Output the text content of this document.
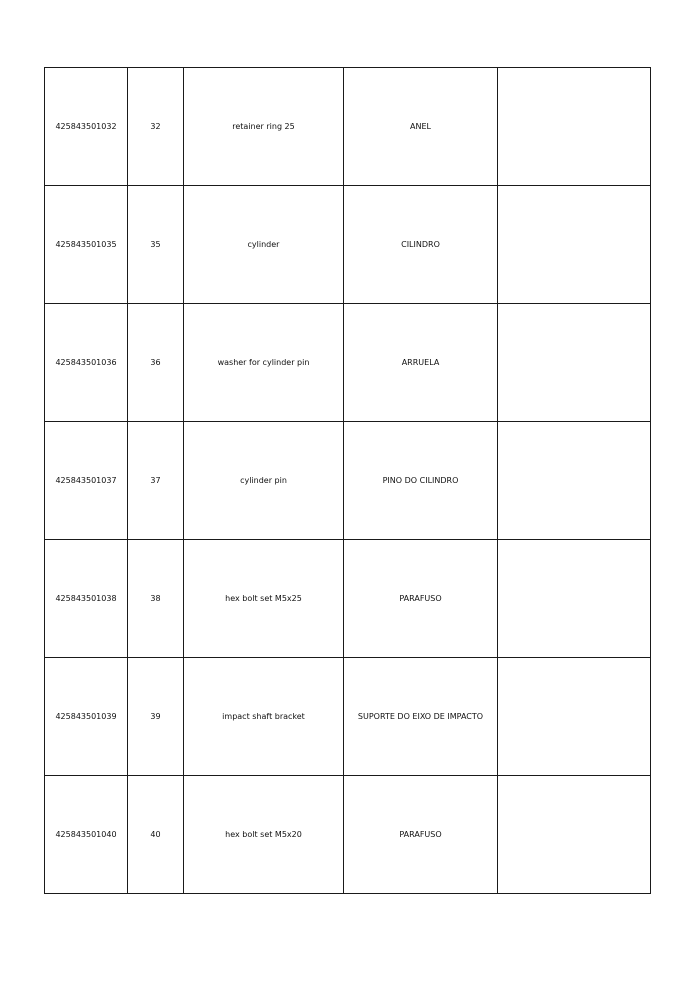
425843501032	32	retainer ring 25	ANEL	
425843501035	35	cylinder	CILINDRO	
425843501036	36	washer for cylinder pin	ARRUELA	
425843501037	37	cylinder pin	PINO DO CILINDRO	
425843501038	38	hex bolt set M5x25	PARAFUSO	
425843501039	39	impact shaft bracket	SUPORTE DO EIXO DE IMPACTO	
425843501040	40	hex bolt set M5x20	PARAFUSO	
